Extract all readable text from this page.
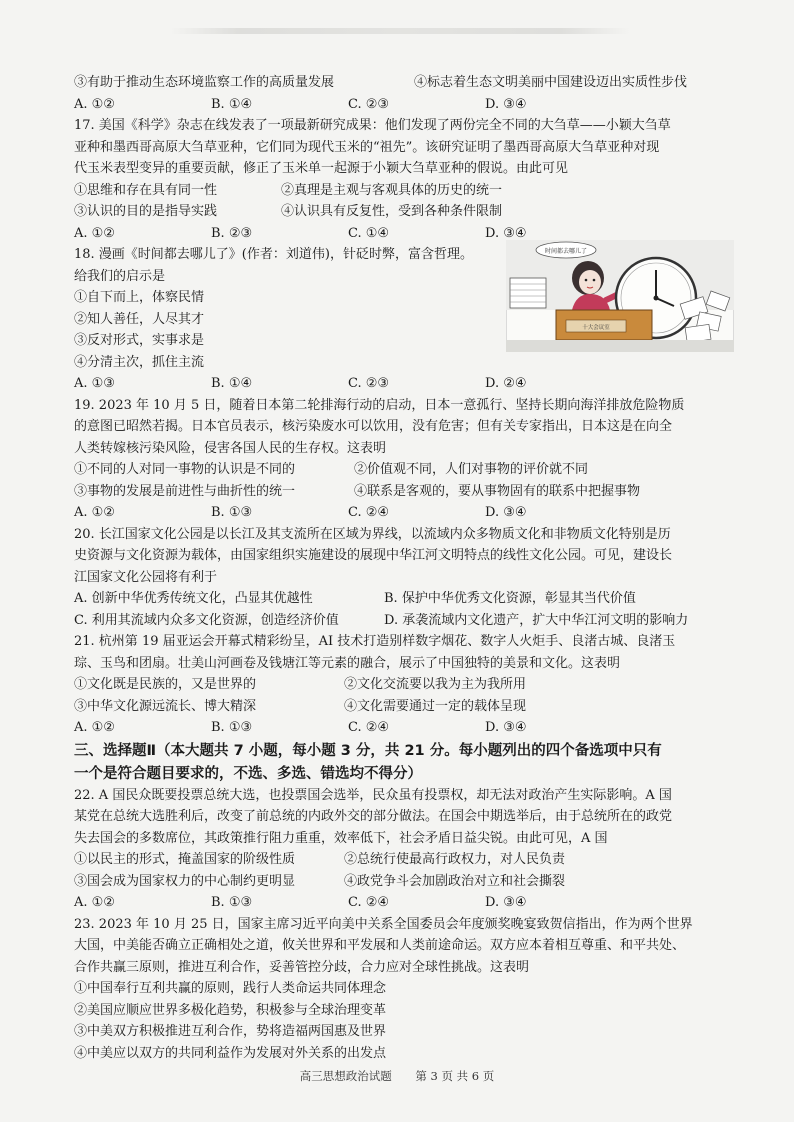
③有助于推动生态环境监察工作的高质量发展	④标志着生态文明美丽中国建设迈出实质性步伐
A. ①②	B. ①④	C. ②③	D. ③④
17. 美国《科学》杂志在线发表了一项最新研究成果：他们发现了两份完全不同的大刍草——小颖大刍草
亚种和墨西哥高原大刍草亚种，它们同为现代玉米的“祖先”。该研究证明了墨西哥高原大刍草亚种对现
代玉米表型变异的重要贡献，修正了玉米单一起源于小颖大刍草亚种的假说。由此可见
①思维和存在具有同一性	②真理是主观与客观具体的历史的统一
③认识的目的是指导实践	④认识具有反复性，受到各种条件限制
A. ①②	B. ②③	C. ①④	D. ③④
18. 漫画《时间都去哪儿了》(作者：刘道伟)，针砭时弊，富含哲理。
给我们的启示是
①自下而上，体察民情
②知人善任，人尽其才
③反对形式，实事求是
④分清主次，抓住主流
时间都去哪儿了
十大会议室
A. ①③	B. ①④	C. ②③	D. ②④
19. 2023 年 10 月 5 日，随着日本第二轮排海行动的启动，日本一意孤行、坚持长期向海洋排放危险物质
的意图已昭然若揭。日本官员表示，核污染废水可以饮用，没有危害；但有关专家指出，日本这是在向全
人类转嫁核污染风险，侵害各国人民的生存权。这表明
①不同的人对同一事物的认识是不同的	②价值观不同，人们对事物的评价就不同
③事物的发展是前进性与曲折性的统一	④联系是客观的，要从事物固有的联系中把握事物
A. ①②	B. ①③	C. ②④	D. ③④
20. 长江国家文化公园是以长江及其支流所在区域为界线，以流域内众多物质文化和非物质文化特别是历
史资源与文化资源为载体，由国家组织实施建设的展现中华江河文明特点的线性文化公园。可见，建设长
江国家文化公园将有利于
A. 创新中华优秀传统文化，凸显其优越性	B. 保护中华优秀文化资源，彰显其当代价值
C. 利用其流域内众多文化资源，创造经济价值	D. 承袭流域内文化遗产，扩大中华江河文明的影响力
21. 杭州第 19 届亚运会开幕式精彩纷呈，AI 技术打造别样数字烟花、数字人火炬手、良渚古城、良渚玉
琮、玉鸟和团扇。壮美山河画卷及钱塘江等元素的融合，展示了中国独特的美景和文化。这表明
①文化既是民族的，又是世界的	②文化交流要以我为主为我所用
③中华文化源远流长、博大精深	④文化需要通过一定的载体呈现
A. ①②	B. ①③	C. ②④	D. ③④
三、选择题Ⅱ（本大题共 7 小题，每小题 3 分，共 21 分。每小题列出的四个备选项中只有
一个是符合题目要求的，不选、多选、错选均不得分）
22. A 国民众既要投票总统大选，也投票国会选举，民众虽有投票权，却无法对政治产生实际影响。A 国
某党在总统大选胜利后，改变了前总统的内政外交的部分做法。在国会中期选举后，由于总统所在的政党
失去国会的多数席位，其政策推行阻力重重，效率低下，社会矛盾日益尖锐。由此可见，A 国
①以民主的形式，掩盖国家的阶级性质	②总统行使最高行政权力，对人民负责
③国会成为国家权力的中心制约更明显	④政党争斗会加剧政治对立和社会撕裂
A. ①②	B. ①③	C. ②④	D. ③④
23. 2023 年 10 月 25 日，国家主席习近平向美中关系全国委员会年度颁奖晚宴致贺信指出，作为两个世界
大国，中美能否确立正确相处之道，攸关世界和平发展和人类前途命运。双方应本着相互尊重、和平共处、
合作共赢三原则，推进互利合作，妥善管控分歧，合力应对全球性挑战。这表明
①中国奉行互利共赢的原则，践行人类命运共同体理念
②美国应顺应世界多极化趋势，积极参与全球治理变革
③中美双方积极推进互利合作，势将造福两国惠及世界
④中美应以双方的共同利益作为发展对外关系的出发点
高三思想政治试题 第 3 页 共 6 页
